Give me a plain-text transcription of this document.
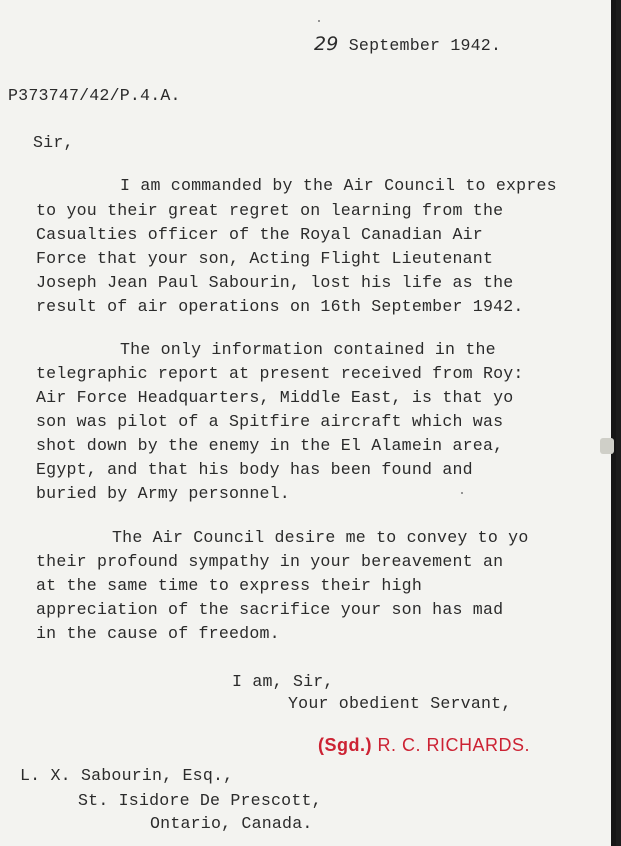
29 September 1942.
P373747/42/P.4.A.
Sir,
I am commanded by the Air Council to expres
to you their great regret on learning from the
Casualties officer of the Royal Canadian Air
Force that your son, Acting Flight Lieutenant
Joseph Jean Paul Sabourin, lost his life as the
result of air operations on 16th September 1942.
The only information contained in the
telegraphic report at present received from Roy:
Air Force Headquarters, Middle East, is that yo
son was pilot of a Spitfire aircraft which was
shot down by the enemy in the El Alamein area,
Egypt, and that his body has been found and
buried by Army personnel.
The Air Council desire me to convey to yo
their profound sympathy in your bereavement an
at the same time to express their high
appreciation of the sacrifice your son has mad
in the cause of freedom.
I am, Sir,
Your obedient Servant,
(Sgd.) R. C. RICHARDS.
L. X. Sabourin, Esq.,
St. Isidore De Prescott,
Ontario, Canada.
